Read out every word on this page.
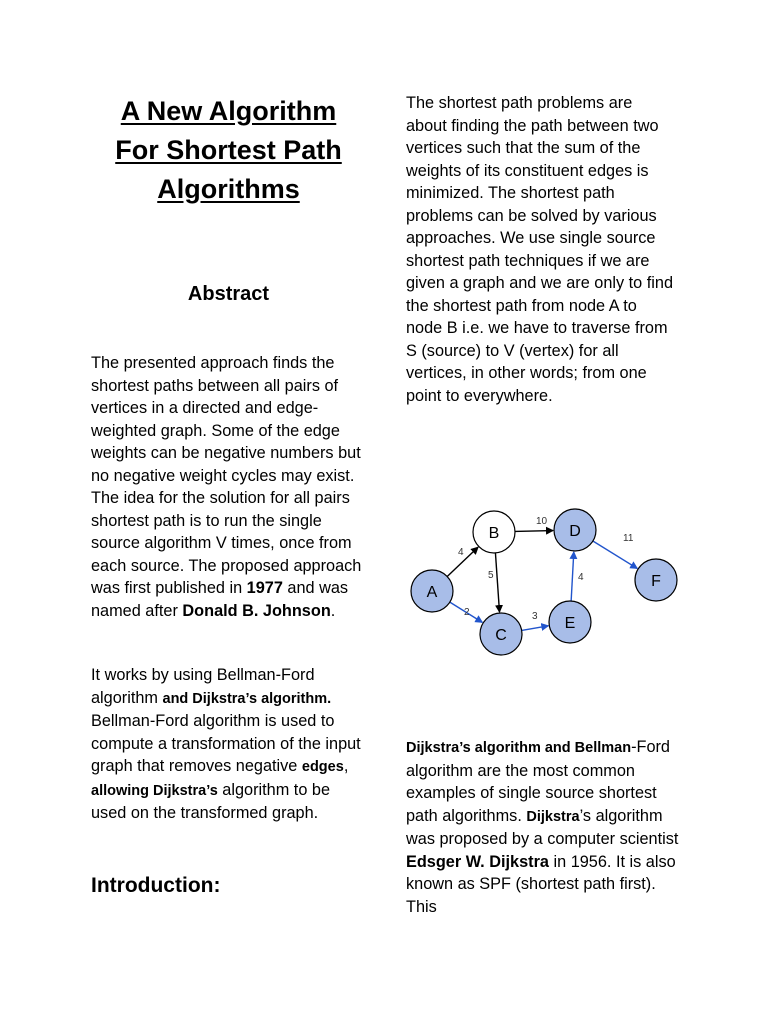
A New Algorithm
For Shortest Path
Algorithms
Abstract

The presented approach finds the shortest paths between all pairs of vertices in a directed and edge-weighted graph. Some of the edge weights can be negative numbers but no negative weight cycles may exist. The idea for the solution for all pairs shortest path is to run the single source algorithm V times, once from each source. The proposed approach was first published in 1977 and was named after Donald B. Johnson.

It works by using Bellman-Ford algorithm and Dijkstra’s algorithm. Bellman-Ford algorithm is used to compute a transformation of the input graph that removes negative edges, allowing Dijkstra’s algorithm to be used on the transformed graph.

Introduction:

The shortest path problems are about finding the path between two vertices such that the sum of the weights of its constituent edges is minimized. The shortest path problems can be solved by various approaches. We use single source shortest path techniques if we are given a graph and we are only to find the shortest path from node A to node B i.e. we have to traverse from S (source) to V (vertex) for all vertices, in other words; from one point to everywhere.

4
2
5
10
3
4
11
A
B
C
D
E
F

Dijkstra’s algorithm and Bellman-Ford algorithm are the most common examples of single source shortest path algorithms. Dijkstra’s algorithm was proposed by a computer scientist Edsger W. Dijkstra in 1956. It is also known as SPF (shortest path first). This
